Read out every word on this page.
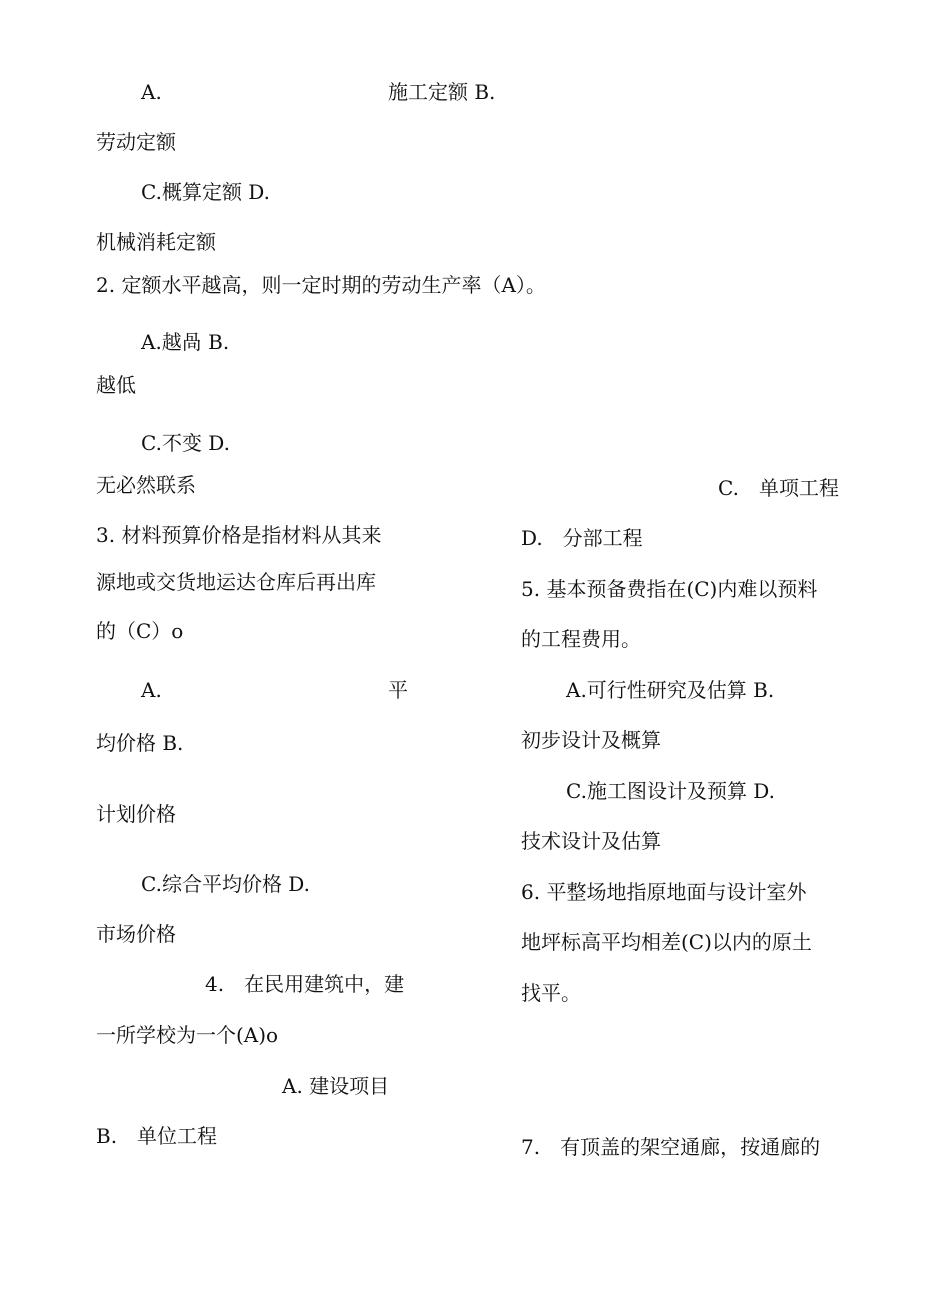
A.	施工定额 B.
劳动定额
C.概算定额 D.
机械消耗定额
2. 定额水平越高，则一定时期的劳动生产率（A）。
A.越咼 B.
越低
C.不变 D.
无必然联系
3. 材料预算价格是指材料从其来
源地或交货地运达仓库后再出库
的（C）o
A.	平
均价格 B.
计划价格
C.综合平均价格 D.
市场价格
4.　在民用建筑中，建
一所学校为一个(A)o
A. 建设项目
B.　单位工程
C.　单项工程
D.　分部工程
5. 基本预备费指在(C)内难以预料
的工程费用。
A.可行性研究及估算 B.
初步设计及概算
C.施工图设计及预算 D.
技术设计及估算
6. 平整场地指原地面与设计室外
地坪标高平均相差(C)以内的原土
找平。
7.　有顶盖的架空通廊，按通廊的
